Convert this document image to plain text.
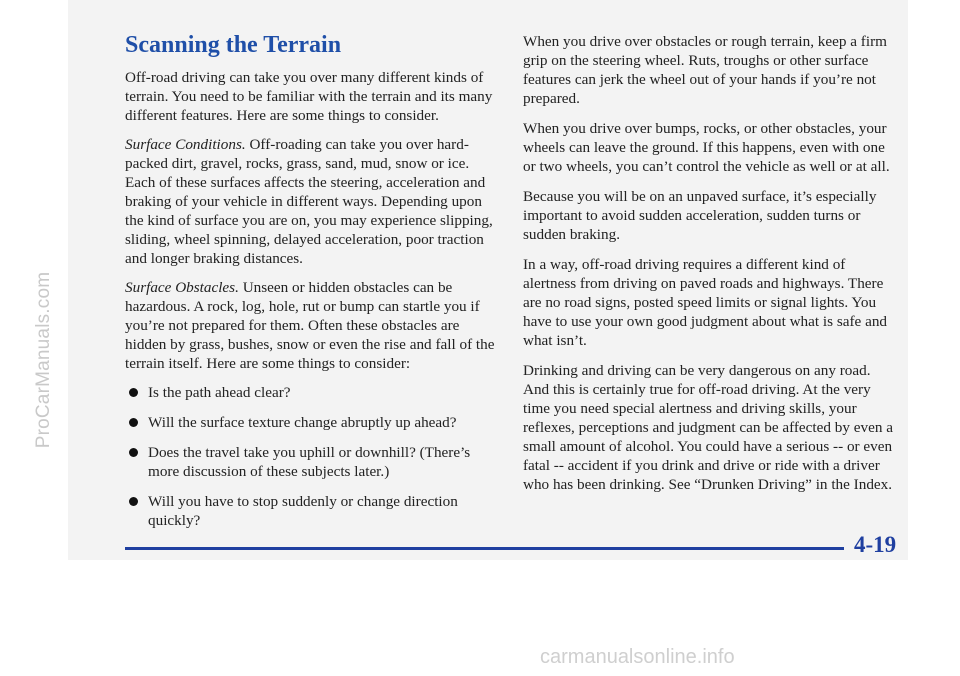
ProCarManuals.com
Scanning the Terrain

Off-road driving can take you over many different kinds of terrain. You need to be familiar with the terrain and its many different features. Here are some things to consider.

Surface Conditions. Off-roading can take you over hard-packed dirt, gravel, rocks, grass, sand, mud, snow or ice. Each of these surfaces affects the steering, acceleration and braking of your vehicle in different ways. Depending upon the kind of surface you are on, you may experience slipping, sliding, wheel spinning, delayed acceleration, poor traction and longer braking distances.

Surface Obstacles. Unseen or hidden obstacles can be hazardous. A rock, log, hole, rut or bump can startle you if you’re not prepared for them. Often these obstacles are hidden by grass, bushes, snow or even the rise and fall of the terrain itself. Here are some things to consider:

Is the path ahead clear?
Will the surface texture change abruptly up ahead?
Does the travel take you uphill or downhill? (There’s more discussion of these subjects later.)
Will you have to stop suddenly or change direction quickly?

When you drive over obstacles or rough terrain, keep a firm grip on the steering wheel. Ruts, troughs or other surface features can jerk the wheel out of your hands if you’re not prepared.

When you drive over bumps, rocks, or other obstacles, your wheels can leave the ground. If this happens, even with one or two wheels, you can’t control the vehicle as well or at all.

Because you will be on an unpaved surface, it’s especially important to avoid sudden acceleration, sudden turns or sudden braking.

In a way, off-road driving requires a different kind of alertness from driving on paved roads and highways. There are no road signs, posted speed limits or signal lights. You have to use your own good judgment about what is safe and what isn’t.

Drinking and driving can be very dangerous on any road. And this is certainly true for off-road driving. At the very time you need special alertness and driving skills, your reflexes, perceptions and judgment can be affected by even a small amount of alcohol. You could have a serious -- or even fatal -- accident if you drink and drive or ride with a driver who has been drinking. See “Drunken Driving” in the Index.

4-19
carmanualsonline.info
